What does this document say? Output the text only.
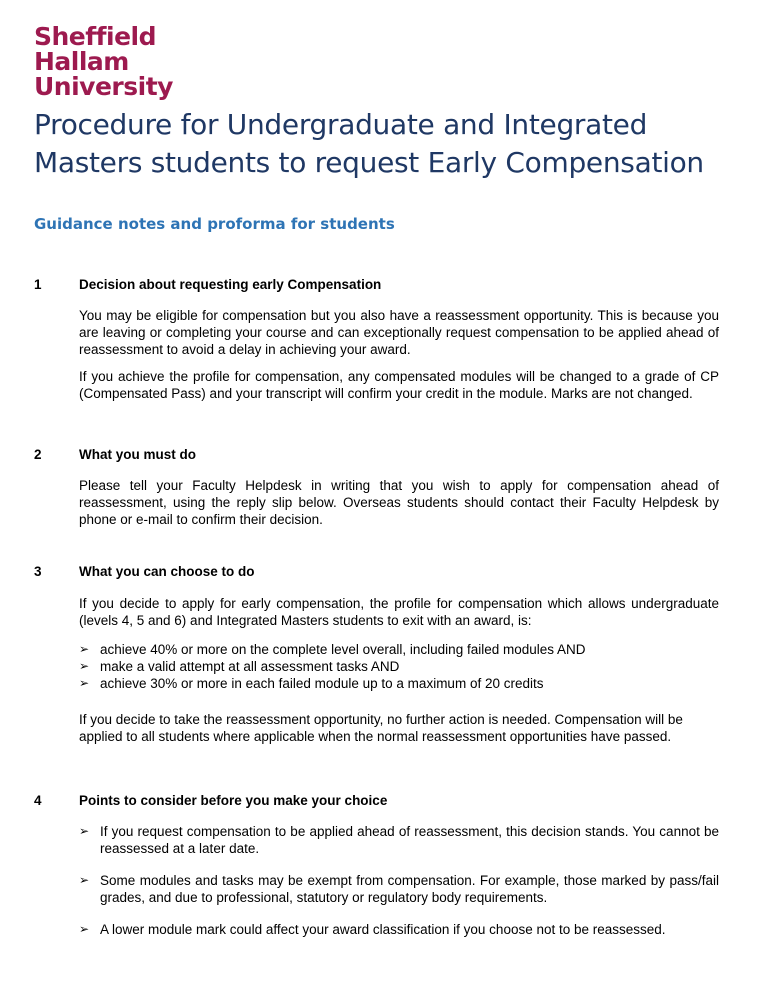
Sheffield
Hallam
University
Procedure for Undergraduate and Integrated
Masters students to request Early Compensation
Guidance notes and proforma for students
1	Decision about requesting early Compensation
You may be eligible for compensation but you also have a reassessment opportunity. This is because you are leaving or completing your course and can exceptionally request compensation to be applied ahead of reassessment to avoid a delay in achieving your award.
If you achieve the profile for compensation, any compensated modules will be changed to a grade of CP (Compensated Pass) and your transcript will confirm your credit in the module. Marks are not changed.
2	What you must do
Please tell your Faculty Helpdesk in writing that you wish to apply for compensation ahead of reassessment, using the reply slip below. Overseas students should contact their Faculty Helpdesk by phone or e-mail to confirm their decision.
3	What you can choose to do
If you decide to apply for early compensation, the profile for compensation which allows undergraduate (levels 4, 5 and 6) and Integrated Masters students to exit with an award, is:
➢ achieve 40% or more on the complete level overall, including failed modules AND
➢ make a valid attempt at all assessment tasks AND
➢ achieve 30% or more in each failed module up to a maximum of 20 credits
If you decide to take the reassessment opportunity, no further action is needed. Compensation will be applied to all students where applicable when the normal reassessment opportunities have passed.
4	Points to consider before you make your choice
➢ If you request compensation to be applied ahead of reassessment, this decision stands. You cannot be reassessed at a later date.
➢ Some modules and tasks may be exempt from compensation. For example, those marked by pass/fail grades, and due to professional, statutory or regulatory body requirements.
➢ A lower module mark could affect your award classification if you choose not to be reassessed.
